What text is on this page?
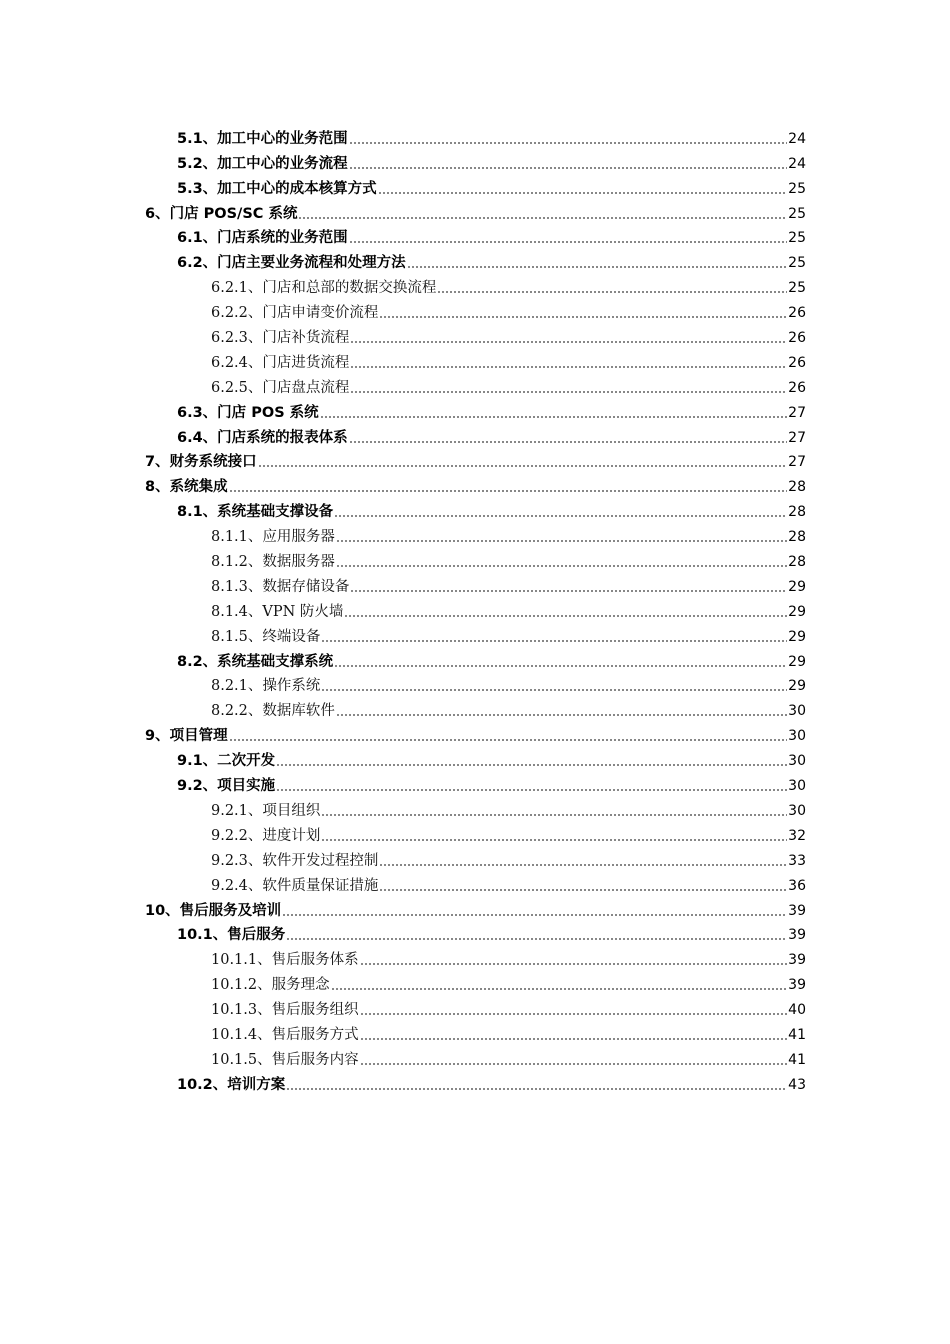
5.1、加工中心的业务范围	24
5.2、加工中心的业务流程	24
5.3、加工中心的成本核算方式	25
6、门店 POS/SC 系统	25
6.1、门店系统的业务范围	25
6.2、门店主要业务流程和处理方法	25
6.2.1、门店和总部的数据交换流程	25
6.2.2、门店申请变价流程	26
6.2.3、门店补货流程	26
6.2.4、门店进货流程	26
6.2.5、门店盘点流程	26
6.3、门店 POS 系统	27
6.4、门店系统的报表体系	27
7、财务系统接口	27
8、系统集成	28
8.1、系统基础支撑设备	28
8.1.1、应用服务器	28
8.1.2、数据服务器	28
8.1.3、数据存储设备	29
8.1.4、VPN 防火墙	29
8.1.5、终端设备	29
8.2、系统基础支撑系统	29
8.2.1、操作系统	29
8.2.2、数据库软件	30
9、项目管理	30
9.1、二次开发	30
9.2、项目实施	30
9.2.1、项目组织	30
9.2.2、进度计划	32
9.2.3、软件开发过程控制	33
9.2.4、软件质量保证措施	36
10、售后服务及培训	39
10.1、售后服务	39
10.1.1、售后服务体系	39
10.1.2、服务理念	39
10.1.3、售后服务组织	40
10.1.4、售后服务方式	41
10.1.5、售后服务内容	41
10.2、培训方案	43
